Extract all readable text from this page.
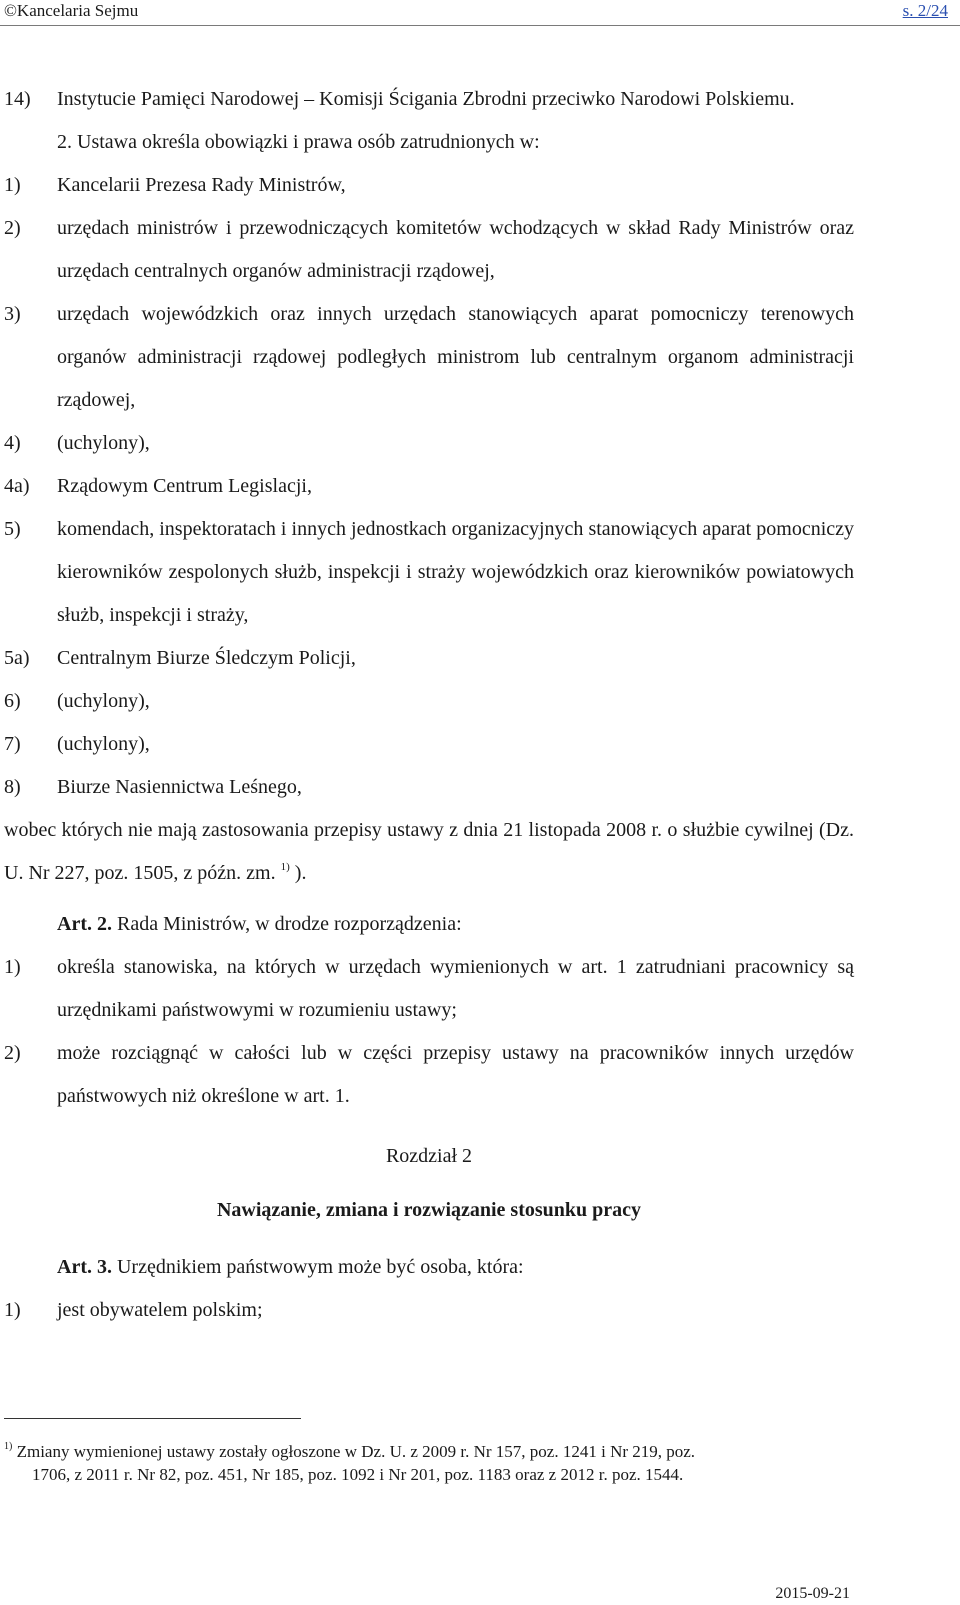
©Kancelaria Sejmu	s. 2/24
14)	Instytucie Pamięci Narodowej – Komisji Ścigania Zbrodni przeciwko Narodowi Polskiemu.
2. Ustawa określa obowiązki i prawa osób zatrudnionych w:
1)	Kancelarii Prezesa Rady Ministrów,
2)	urzędach ministrów i przewodniczących komitetów wchodzących w skład Rady Ministrów oraz urzędach centralnych organów administracji rządowej,
3)	urzędach wojewódzkich oraz innych urzędach stanowiących aparat pomocniczy terenowych organów administracji rządowej podległych ministrom lub centralnym organom administracji rządowej,
4)	(uchylony),
4a)	Rządowym Centrum Legislacji,
5)	komendach, inspektoratach i innych jednostkach organizacyjnych stanowiących aparat pomocniczy kierowników zespolonych służb, inspekcji i straży wojewódzkich oraz kierowników powiatowych służb, inspekcji i straży,
5a)	Centralnym Biurze Śledczym Policji,
6)	(uchylony),
7)	(uchylony),
8)	Biurze Nasiennictwa Leśnego,
wobec których nie mają zastosowania przepisy ustawy z dnia 21 listopada 2008 r. o służbie cywilnej (Dz. U. Nr 227, poz. 1505, z późn. zm. $^{1)}$ ).
Art. 2. Rada Ministrów, w drodze rozporządzenia:
1)	określa stanowiska, na których w urzędach wymienionych w art. 1 zatrudniani pracownicy są urzędnikami państwowymi w rozumieniu ustawy;
2)	może rozciągnąć w całości lub w części przepisy ustawy na pracowników innych urzędów państwowych niż określone w art. 1.
Rozdział 2
Nawiązanie, zmiana i rozwiązanie stosunku pracy
Art. 3. Urzędnikiem państwowym może być osoba, która:
1)	jest obywatelem polskim;
$^{1)}$ Zmiany wymienionej ustawy zostały ogłoszone w Dz. U. z 2009 r. Nr 157, poz. 1241 i Nr 219, poz.
1706, z 2011 r. Nr 82, poz. 451, Nr 185, poz. 1092 i Nr 201, poz. 1183 oraz z 2012 r. poz. 1544.
2015-09-21
